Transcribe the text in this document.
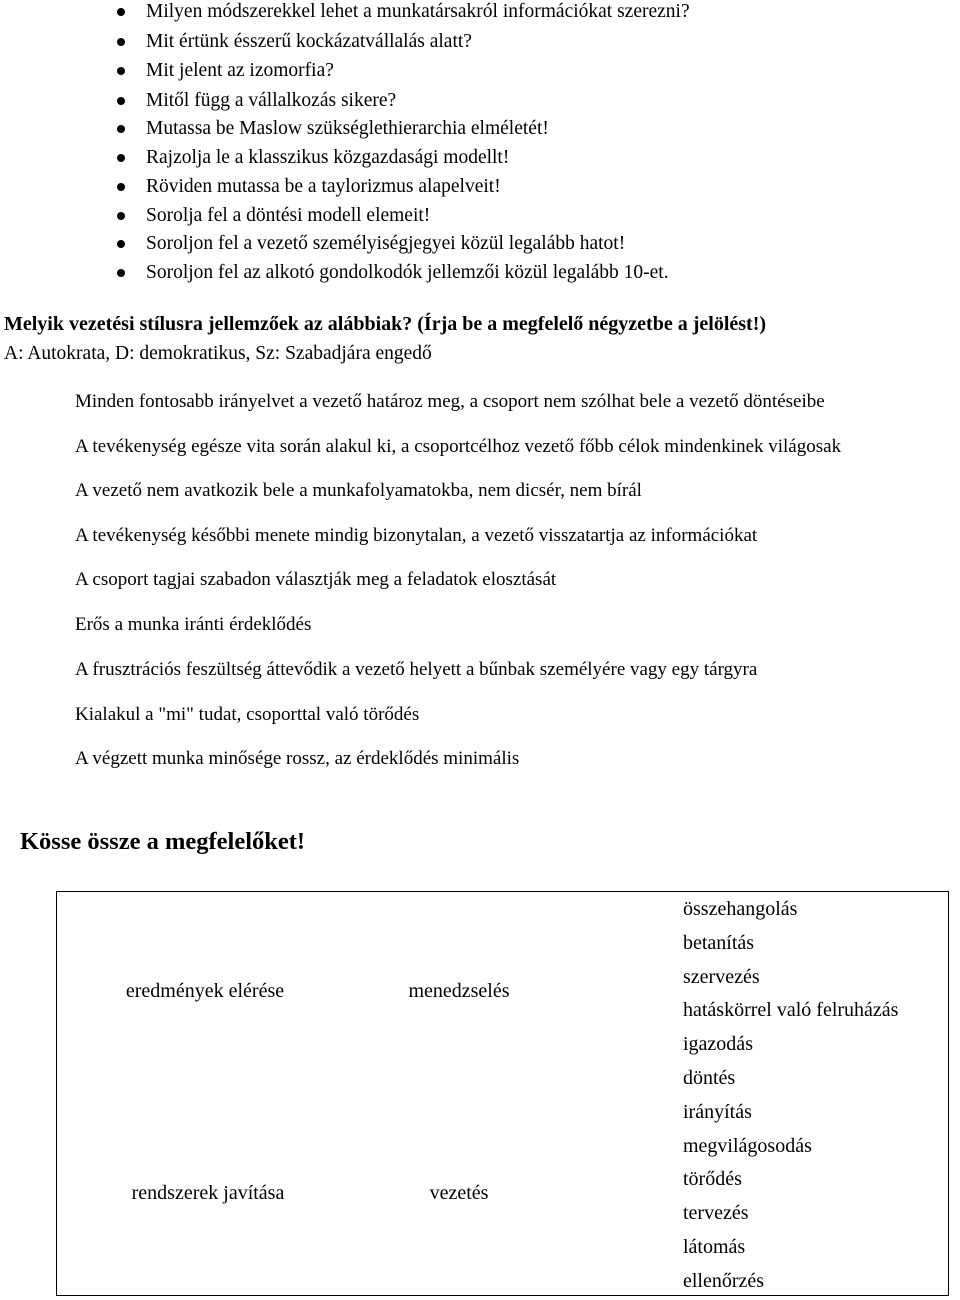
Milyen módszerekkel lehet a munkatársakról információkat szerezni?
Mit értünk ésszerű kockázatvállalás alatt?
Mit jelent az izomorfia?
Mitől függ a vállalkozás sikere?
Mutassa be Maslow szükséglethierarchia elméletét!
Rajzolja le a klasszikus közgazdasági modellt!
Röviden mutassa be a taylorizmus alapelveit!
Sorolja fel a döntési modell elemeit!
Soroljon fel a vezető személyiségjegyei közül legalább hatot!
Soroljon fel az alkotó gondolkodók jellemzői közül legalább 10-et.
Melyik vezetési stílusra jellemzőek az alábbiak? (Írja be a megfelelő négyzetbe a jelölést!)
A: Autokrata, D: demokratikus, Sz: Szabadjára engedő
Minden fontosabb irányelvet a vezető határoz meg, a csoport nem szólhat bele a vezető döntéseibe
A tevékenység egésze vita során alakul ki, a csoportcélhoz vezető főbb célok mindenkinek világosak
A vezető nem avatkozik bele a munkafolyamatokba, nem dicsér, nem bírál
A tevékenység későbbi menete mindig bizonytalan, a vezető visszatartja az információkat
A csoport tagjai szabadon választják meg a feladatok elosztását
Erős a munka iránti érdeklődés
A frusztrációs feszültség áttevődik a vezető helyett a bűnbak személyére vagy egy tárgyra
Kialakul a "mi" tudat, csoporttal való törődés
A végzett munka minősége rossz, az érdeklődés minimális
Kösse össze a megfelelőket!
eredmények elérése
rendszerek javítása
menedzselés
vezetés
összehangolás
betanítás
szervezés
hatáskörrel való felruházás
igazodás
döntés
irányítás
megvilágosodás
törődés
tervezés
látomás
ellenőrzés
